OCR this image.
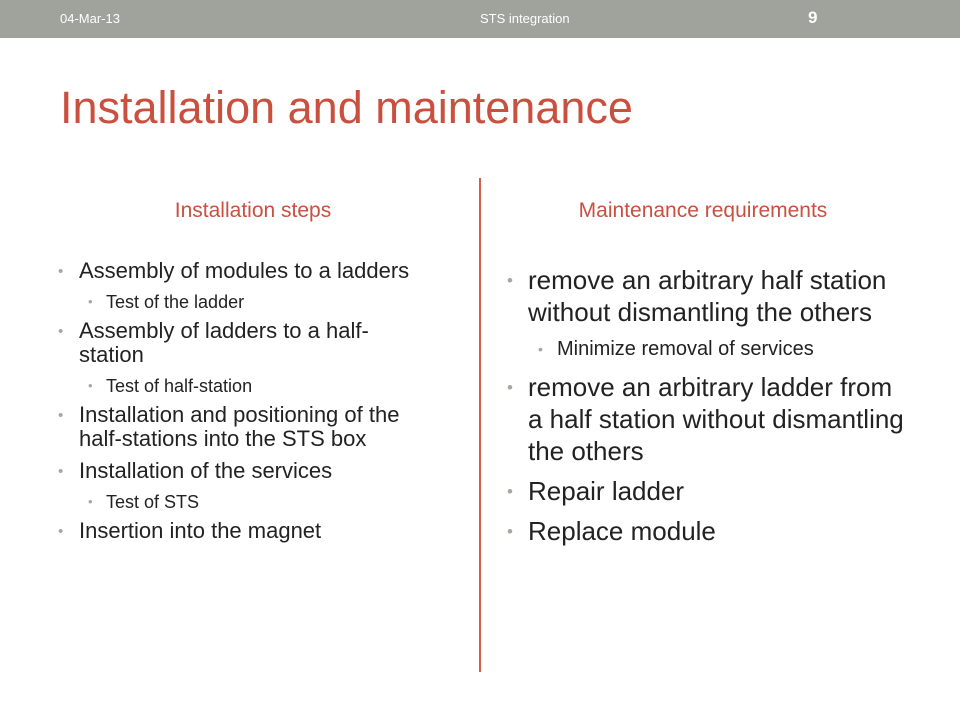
04-Mar-13	STS integration	9
Installation and maintenance
Installation steps	Maintenance requirements
• Assembly of modules to a ladders
• Test of the ladder
• Assembly of ladders to a half-station
• Test of half-station
• Installation and positioning of the half-stations into the STS box
• Installation of the services
• Test of STS
• Insertion into the magnet
• remove an arbitrary half station without dismantling the others
• Minimize removal of services
• remove an arbitrary ladder from a half station without dismantling the others
• Repair ladder
• Replace module
